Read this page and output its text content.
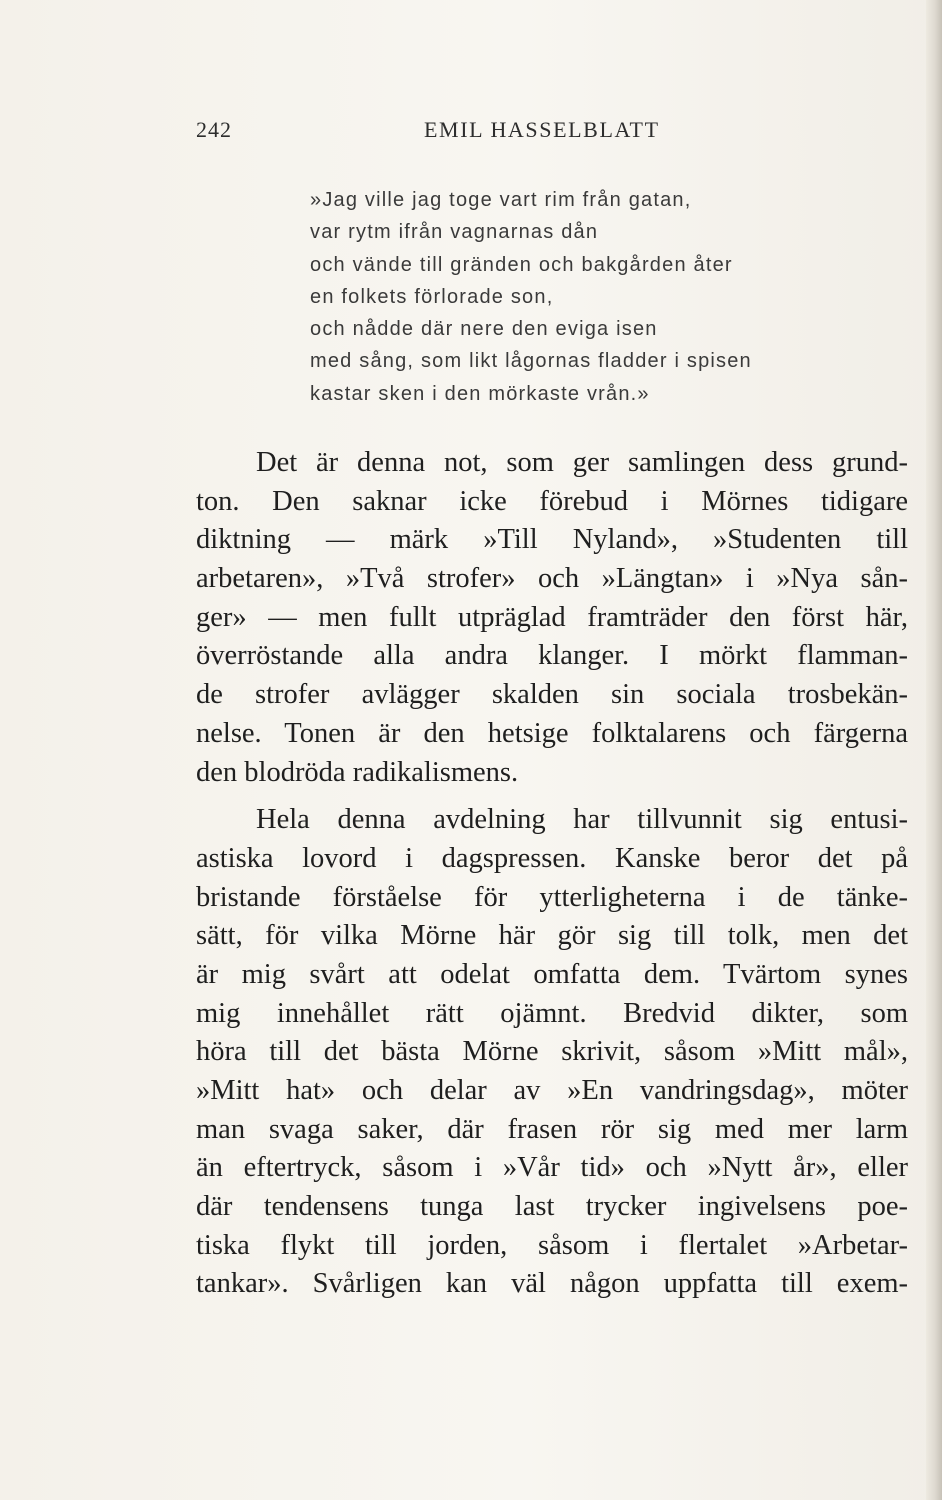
242	EMIL HASSELBLATT
»Jag ville jag toge vart rim från gatan,
var rytm ifrån vagnarnas dån
och vände till gränden och bakgården åter
en folkets förlorade son,
och nådde där nere den eviga isen
med sång, som likt lågornas fladder i spisen
kastar sken i den mörkaste vrån.»
Det är denna not, som ger samlingen dess grund-
ton. Den saknar icke förebud i Mörnes tidigare
diktning — märk »Till Nyland», »Studenten till
arbetaren», »Två strofer» och »Längtan» i »Nya sån-
ger» — men fullt utpräglad framträder den först här,
överröstande alla andra klanger. I mörkt flamman-
de strofer avlägger skalden sin sociala trosbekän-
nelse. Tonen är den hetsige folktalarens och färgerna
den blodröda radikalismens.
Hela denna avdelning har tillvunnit sig entusi-
astiska lovord i dagspressen. Kanske beror det på
bristande förståelse för ytterligheterna i de tänke-
sätt, för vilka Mörne här gör sig till tolk, men det
är mig svårt att odelat omfatta dem. Tvärtom synes
mig innehållet rätt ojämnt. Bredvid dikter, som
höra till det bästa Mörne skrivit, såsom »Mitt mål»,
»Mitt hat» och delar av »En vandringsdag», möter
man svaga saker, där frasen rör sig med mer larm
än eftertryck, såsom i »Vår tid» och »Nytt år», eller
där tendensens tunga last trycker ingivelsens poe-
tiska flykt till jorden, såsom i flertalet »Arbetar-
tankar». Svårligen kan väl någon uppfatta till exem-
